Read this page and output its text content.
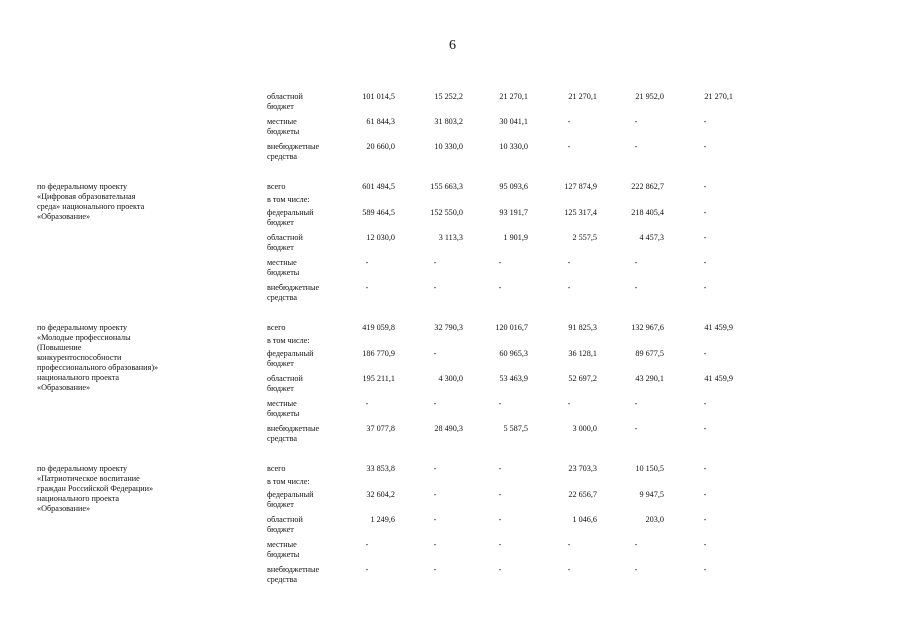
6
областной
бюджет
101 014,5	15 252,2	21 270,1	21 270,1	21 952,0	21 270,1
местные
бюджеты
61 844,3	31 803,2	30 041,1	-	-	-
внебюджетные
средства
20 660,0	10 330,0	10 330,0	-	-	-
по федеральному проекту
«Цифровая образовательная
среда» национального проекта
«Образование»
всего	601 494,5	155 663,3	95 093,6	127 874,9	222 862,7	-
в том числе:
федеральный
бюджет
589 464,5	152 550,0	93 191,7	125 317,4	218 405,4	-
областной
бюджет
12 030,0	3 113,3	1 901,9	2 557,5	4 457,3	-
местные
бюджеты
-	-	-	-	-	-
внебюджетные
средства
-	-	-	-	-	-
по федеральному проекту
«Молодые профессионалы
(Повышение
конкурентоспособности
профессионального образования)»
национального проекта
«Образование»
всего	419 059,8	32 790,3	120 016,7	91 825,3	132 967,6	41 459,9
в том числе:
федеральный
бюджет
186 770,9	-	60 965,3	36 128,1	89 677,5	-
областной
бюджет
195 211,1	4 300,0	53 463,9	52 697,2	43 290,1	41 459,9
местные
бюджеты
-	-	-	-	-	-
внебюджетные
средства
37 077,8	28 490,3	5 587,5	3 000,0	-	-
по федеральному проекту
«Патриотическое воспитание
граждан Российской Федерации»
национального проекта
«Образование»
всего	33 853,8	-	-	23 703,3	10 150,5	-
в том числе:
федеральный
бюджет
32 604,2	-	-	22 656,7	9 947,5	-
областной
бюджет
1 249,6	-	-	1 046,6	203,0	-
местные
бюджеты
-	-	-	-	-	-
внебюджетные
средства
-	-	-	-	-	-
